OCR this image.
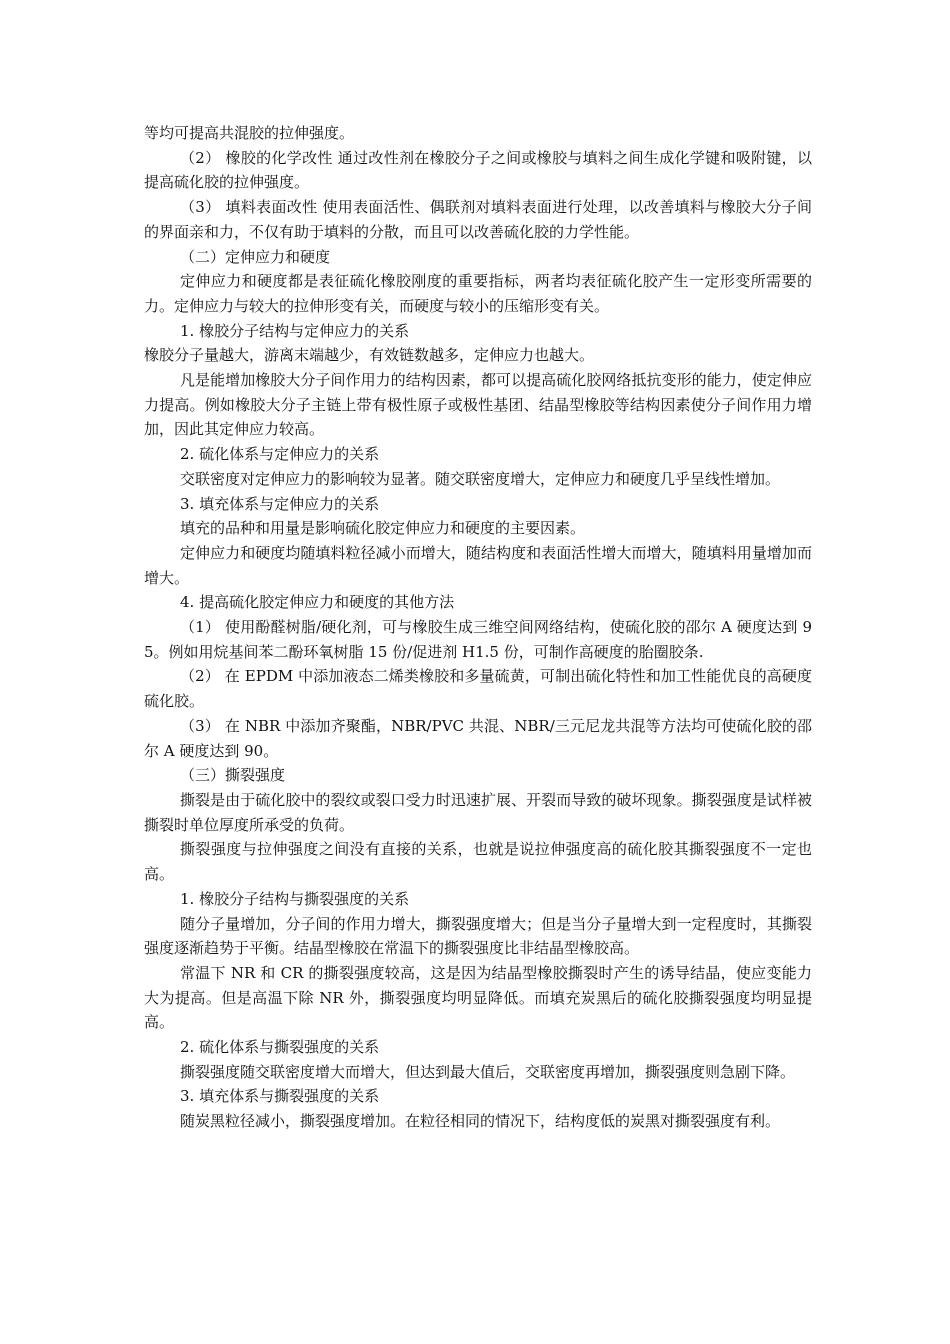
等均可提高共混胶的拉伸强度。

（2） 橡胶的化学改性 通过改性剂在橡胶分子之间或橡胶与填料之间生成化学键和吸附键，以提高硫化胶的拉伸强度。

（3） 填料表面改性 使用表面活性、偶联剂对填料表面进行处理，以改善填料与橡胶大分子间的界面亲和力，不仅有助于填料的分散，而且可以改善硫化胶的力学性能。

（二）定伸应力和硬度

定伸应力和硬度都是表征硫化橡胶刚度的重要指标，两者均表征硫化胶产生一定形变所需要的力。定伸应力与较大的拉伸形变有关，而硬度与较小的压缩形变有关。

1. 橡胶分子结构与定伸应力的关系

橡胶分子量越大，游离末端越少，有效链数越多，定伸应力也越大。

凡是能增加橡胶大分子间作用力的结构因素，都可以提高硫化胶网络抵抗变形的能力，使定伸应力提高。例如橡胶大分子主链上带有极性原子或极性基团、结晶型橡胶等结构因素使分子间作用力增加，因此其定伸应力较高。

2. 硫化体系与定伸应力的关系

交联密度对定伸应力的影响较为显著。随交联密度增大，定伸应力和硬度几乎呈线性增加。

3. 填充体系与定伸应力的关系

填充的品种和用量是影响硫化胶定伸应力和硬度的主要因素。

定伸应力和硬度均随填料粒径减小而增大，随结构度和表面活性增大而增大，随填料用量增加而增大。

4. 提高硫化胶定伸应力和硬度的其他方法

（1） 使用酚醛树脂/硬化剂，可与橡胶生成三维空间网络结构，使硫化胶的邵尔 A 硬度达到 95。例如用烷基间苯二酚环氧树脂 15 份/促进剂 H1.5 份，可制作高硬度的胎圈胶条.

（2） 在 EPDM 中添加液态二烯类橡胶和多量硫黄，可制出硫化特性和加工性能优良的高硬度硫化胶。

（3） 在 NBR 中添加齐聚酯，NBR/PVC 共混、NBR/三元尼龙共混等方法均可使硫化胶的邵尔 A 硬度达到 90。

（三）撕裂强度

撕裂是由于硫化胶中的裂纹或裂口受力时迅速扩展、开裂而导致的破坏现象。撕裂强度是试样被撕裂时单位厚度所承受的负荷。

撕裂强度与拉伸强度之间没有直接的关系，也就是说拉伸强度高的硫化胶其撕裂强度不一定也高。

1. 橡胶分子结构与撕裂强度的关系

随分子量增加，分子间的作用力增大，撕裂强度增大；但是当分子量增大到一定程度时，其撕裂强度逐渐趋势于平衡。结晶型橡胶在常温下的撕裂强度比非结晶型橡胶高。

常温下 NR 和 CR 的撕裂强度较高，这是因为结晶型橡胶撕裂时产生的诱导结晶，使应变能力大为提高。但是高温下除 NR 外，撕裂强度均明显降低。而填充炭黑后的硫化胶撕裂强度均明显提高。

2. 硫化体系与撕裂强度的关系

撕裂强度随交联密度增大而增大，但达到最大值后，交联密度再增加，撕裂强度则急剧下降。

3. 填充体系与撕裂强度的关系

随炭黑粒径减小，撕裂强度增加。在粒径相同的情况下，结构度低的炭黑对撕裂强度有利。
